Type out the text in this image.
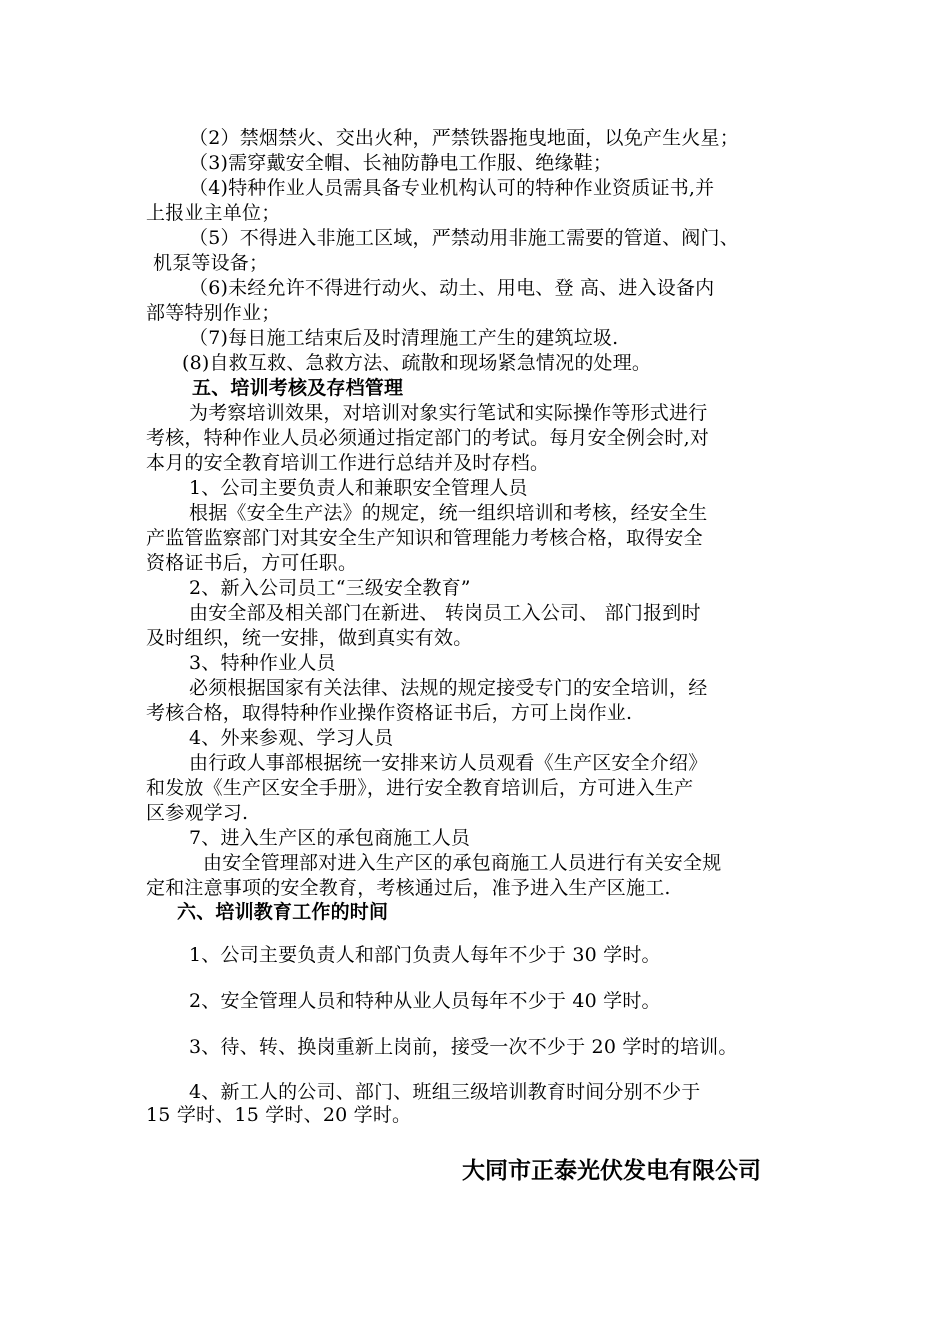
（2）禁烟禁火、交出火种，严禁铁器拖曳地面，以免产生火星；
（3)需穿戴安全帽、长袖防静电工作服、绝缘鞋；
（4)特种作业人员需具备专业机构认可的特种作业资质证书,并
上报业主单位；
（5）不得进入非施工区域，严禁动用非施工需要的管道、阀门、
机泵等设备；
（6)未经允许不得进行动火、动土、用电、登 高、进入设备内
部等特别作业；
（7)每日施工结束后及时清理施工产生的建筑垃圾.
(8)自救互救、急救方法、疏散和现场紧急情况的处理。
五、培训考核及存档管理
为考察培训效果，对培训对象实行笔试和实际操作等形式进行
考核，特种作业人员必须通过指定部门的考试。每月安全例会时,对
本月的安全教育培训工作进行总结并及时存档。
1、公司主要负责人和兼职安全管理人员
根据《安全生产法》的规定，统一组织培训和考核，经安全生
产监管监察部门对其安全生产知识和管理能力考核合格，取得安全
资格证书后，方可任职。
2、新入公司员工“三级安全教育”
由安全部及相关部门在新进、 转岗员工入公司、 部门报到时
及时组织，统一安排，做到真实有效。
3、特种作业人员
必须根据国家有关法律、法规的规定接受专门的安全培训，经
考核合格，取得特种作业操作资格证书后，方可上岗作业.
4、外来参观、学习人员
由行政人事部根据统一安排来访人员观看《生产区安全介绍》
和发放《生产区安全手册》，进行安全教育培训后，方可进入生产
区参观学习.
7、进入生产区的承包商施工人员
由安全管理部对进入生产区的承包商施工人员进行有关安全规
定和注意事项的安全教育，考核通过后，准予进入生产区施工.
六、培训教育工作的时间
1、公司主要负责人和部门负责人每年不少于 30 学时。
2、安全管理人员和特种从业人员每年不少于 40 学时。
3、待、转、换岗重新上岗前，接受一次不少于 20 学时的培训。
4、新工人的公司、部门、班组三级培训教育时间分别不少于
15 学时、15 学时、20 学时。
大同市正泰光伏发电有限公司
